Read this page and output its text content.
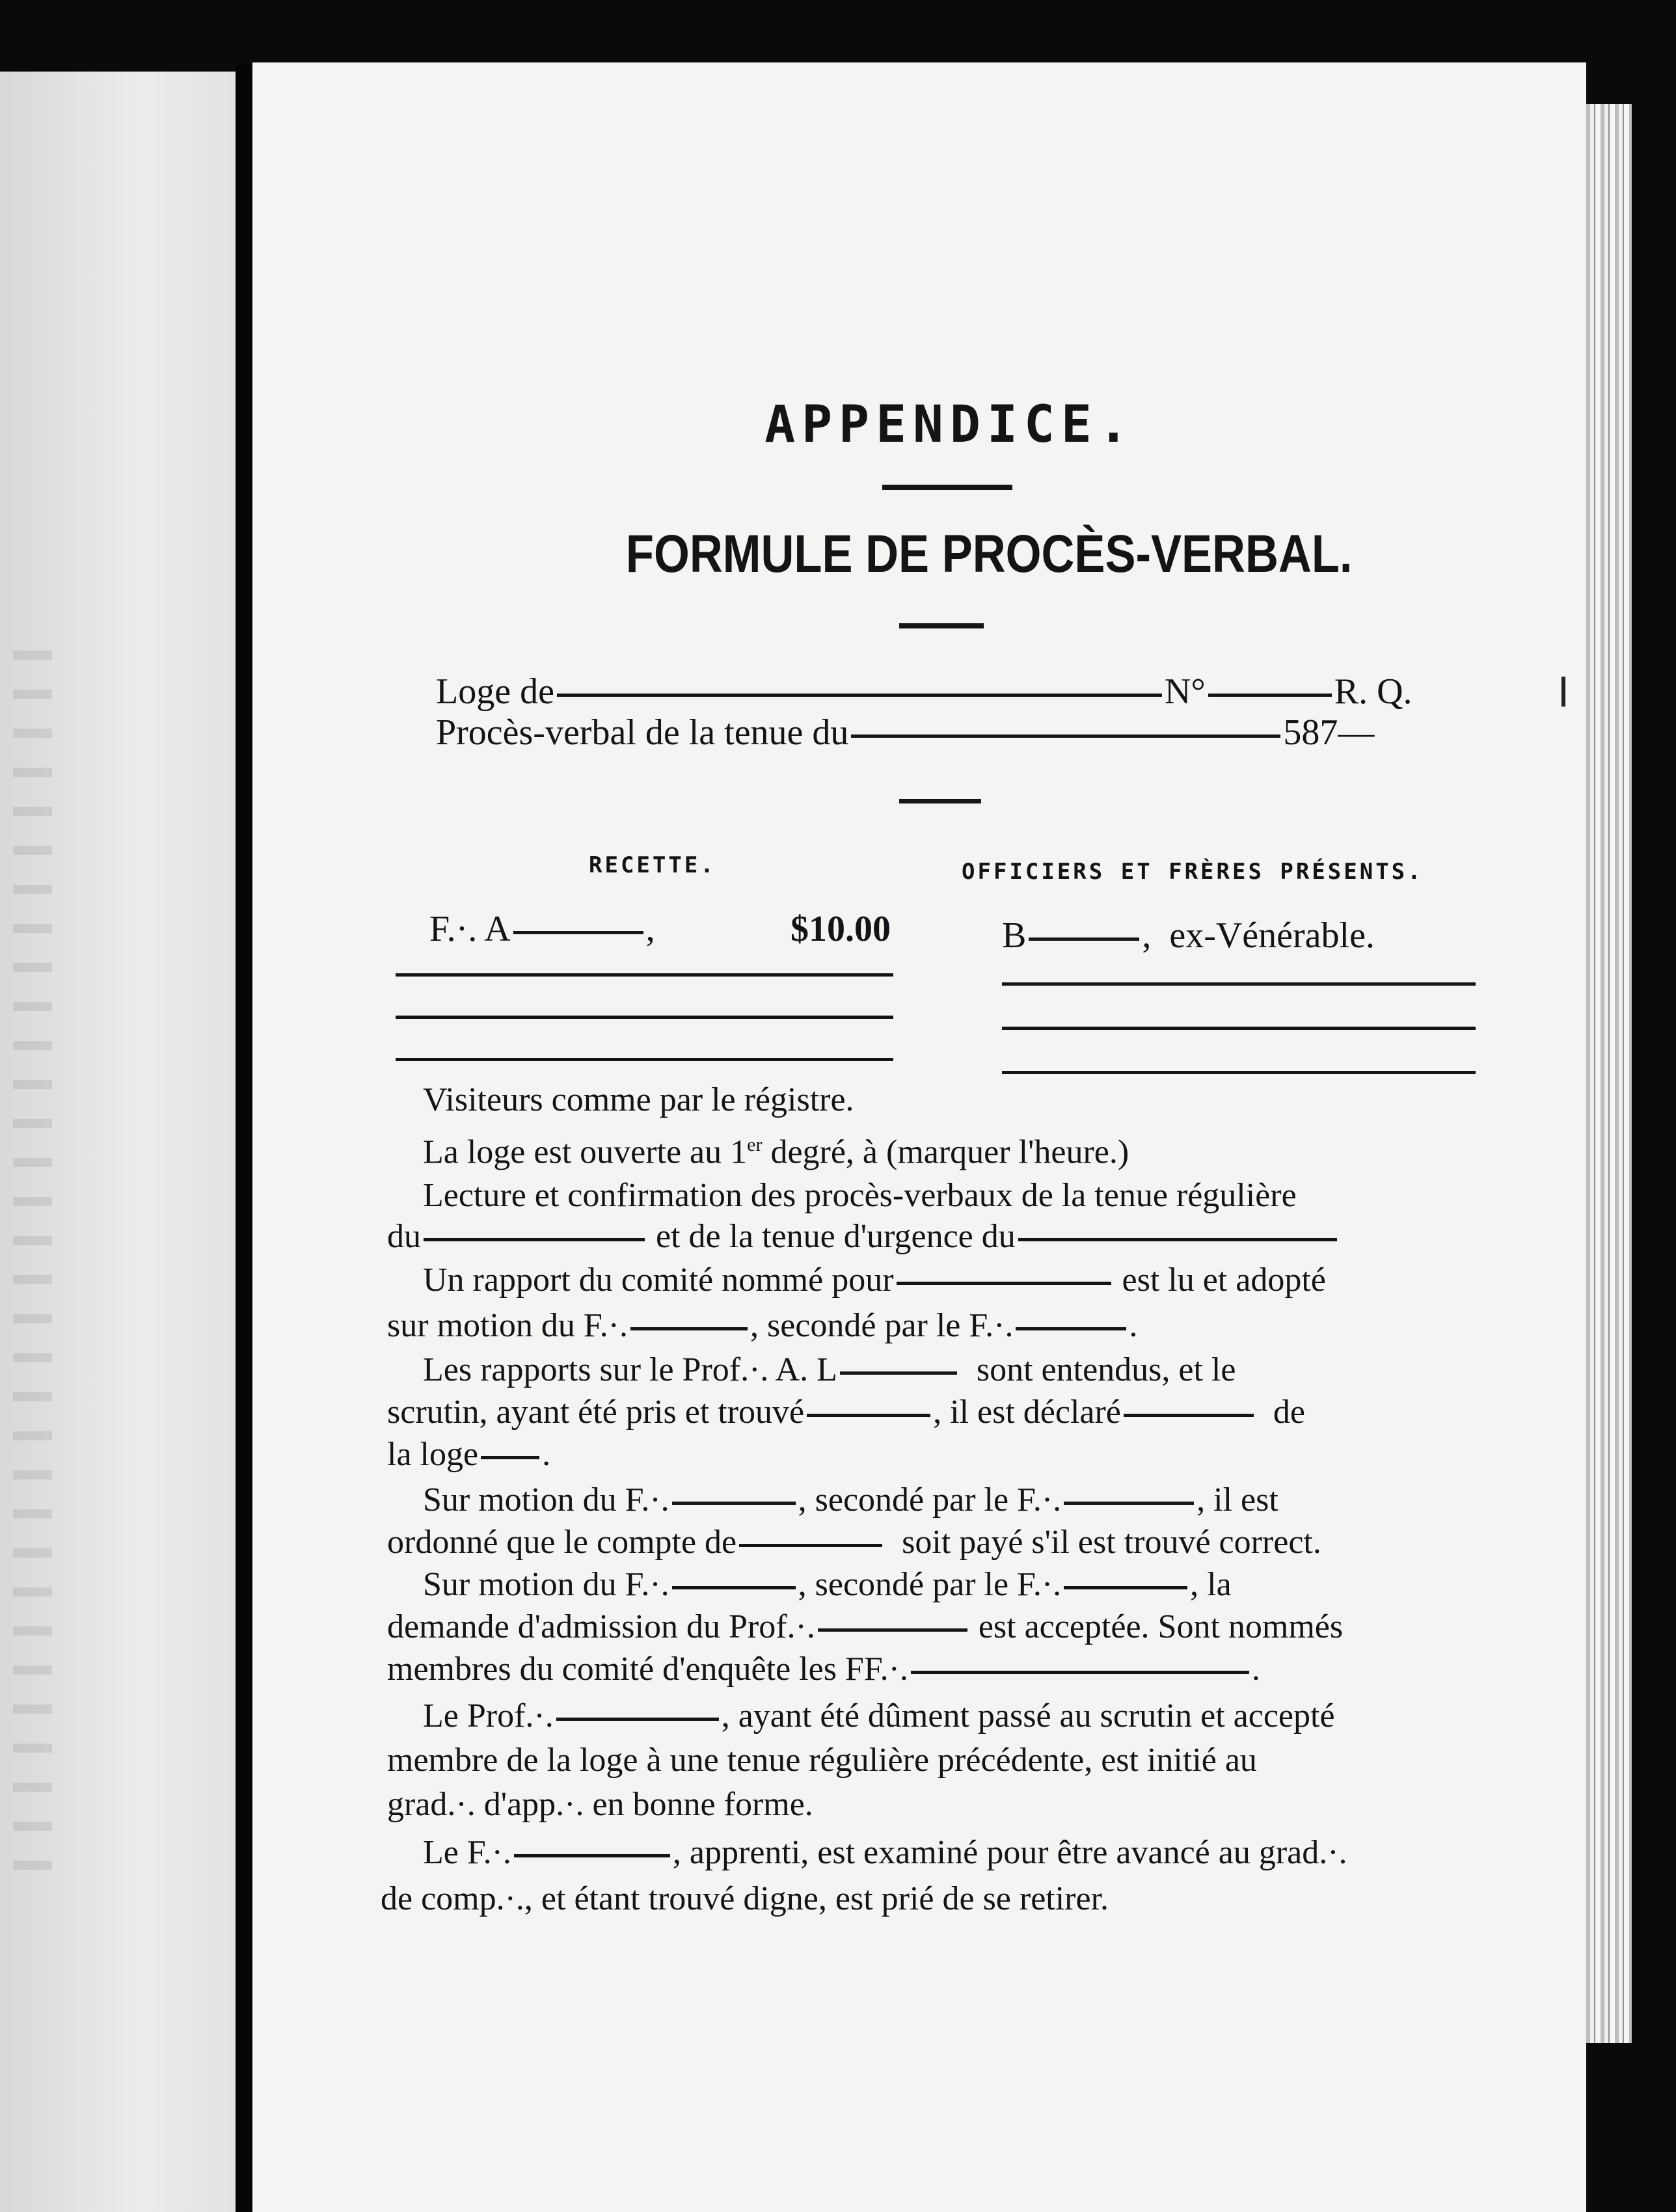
APPENDICE.
FORMULE DE PROCÈS-VERBAL.
Loge de	N°	R. Q.
Procès-verbal de la tenue du	587—
RECETTE.	OFFICIERS ET FRÈRES PRÉSENTS.
F.·. A	,	$10.00	B	,  ex-Vénérable.
Visiteurs comme par le régistre.
La loge est ouverte au 1er degré, à (marquer l'heure.)
Lecture et confirmation des procès-verbaux de la tenue régulière
du	et de la tenue d'urgence du
Un rapport du comité nommé pour	est lu et adopté
sur motion du F.·.	, secondé par le F.·.	.
Les rapports sur le Prof.·. A. L	sont entendus, et le
scrutin, ayant été pris et trouvé	, il est déclaré	de
la loge .
Sur motion du F.·.	, secondé par le F.·.	, il est
ordonné que le compte de	soit payé s'il est trouvé correct.
Sur motion du F.·.	, secondé par le F.·.	, la
demande d'admission du Prof.·.	est acceptée. Sont nommés
membres du comité d'enquête les FF.·.	.
Le Prof.·.	, ayant été dûment passé au scrutin et accepté
membre de la loge à une tenue régulière précédente, est initié au
grad.·. d'app.·. en bonne forme.
Le F.·.	, apprenti, est examiné pour être avancé au grad.·.
de comp.·., et étant trouvé digne, est prié de se retirer.
